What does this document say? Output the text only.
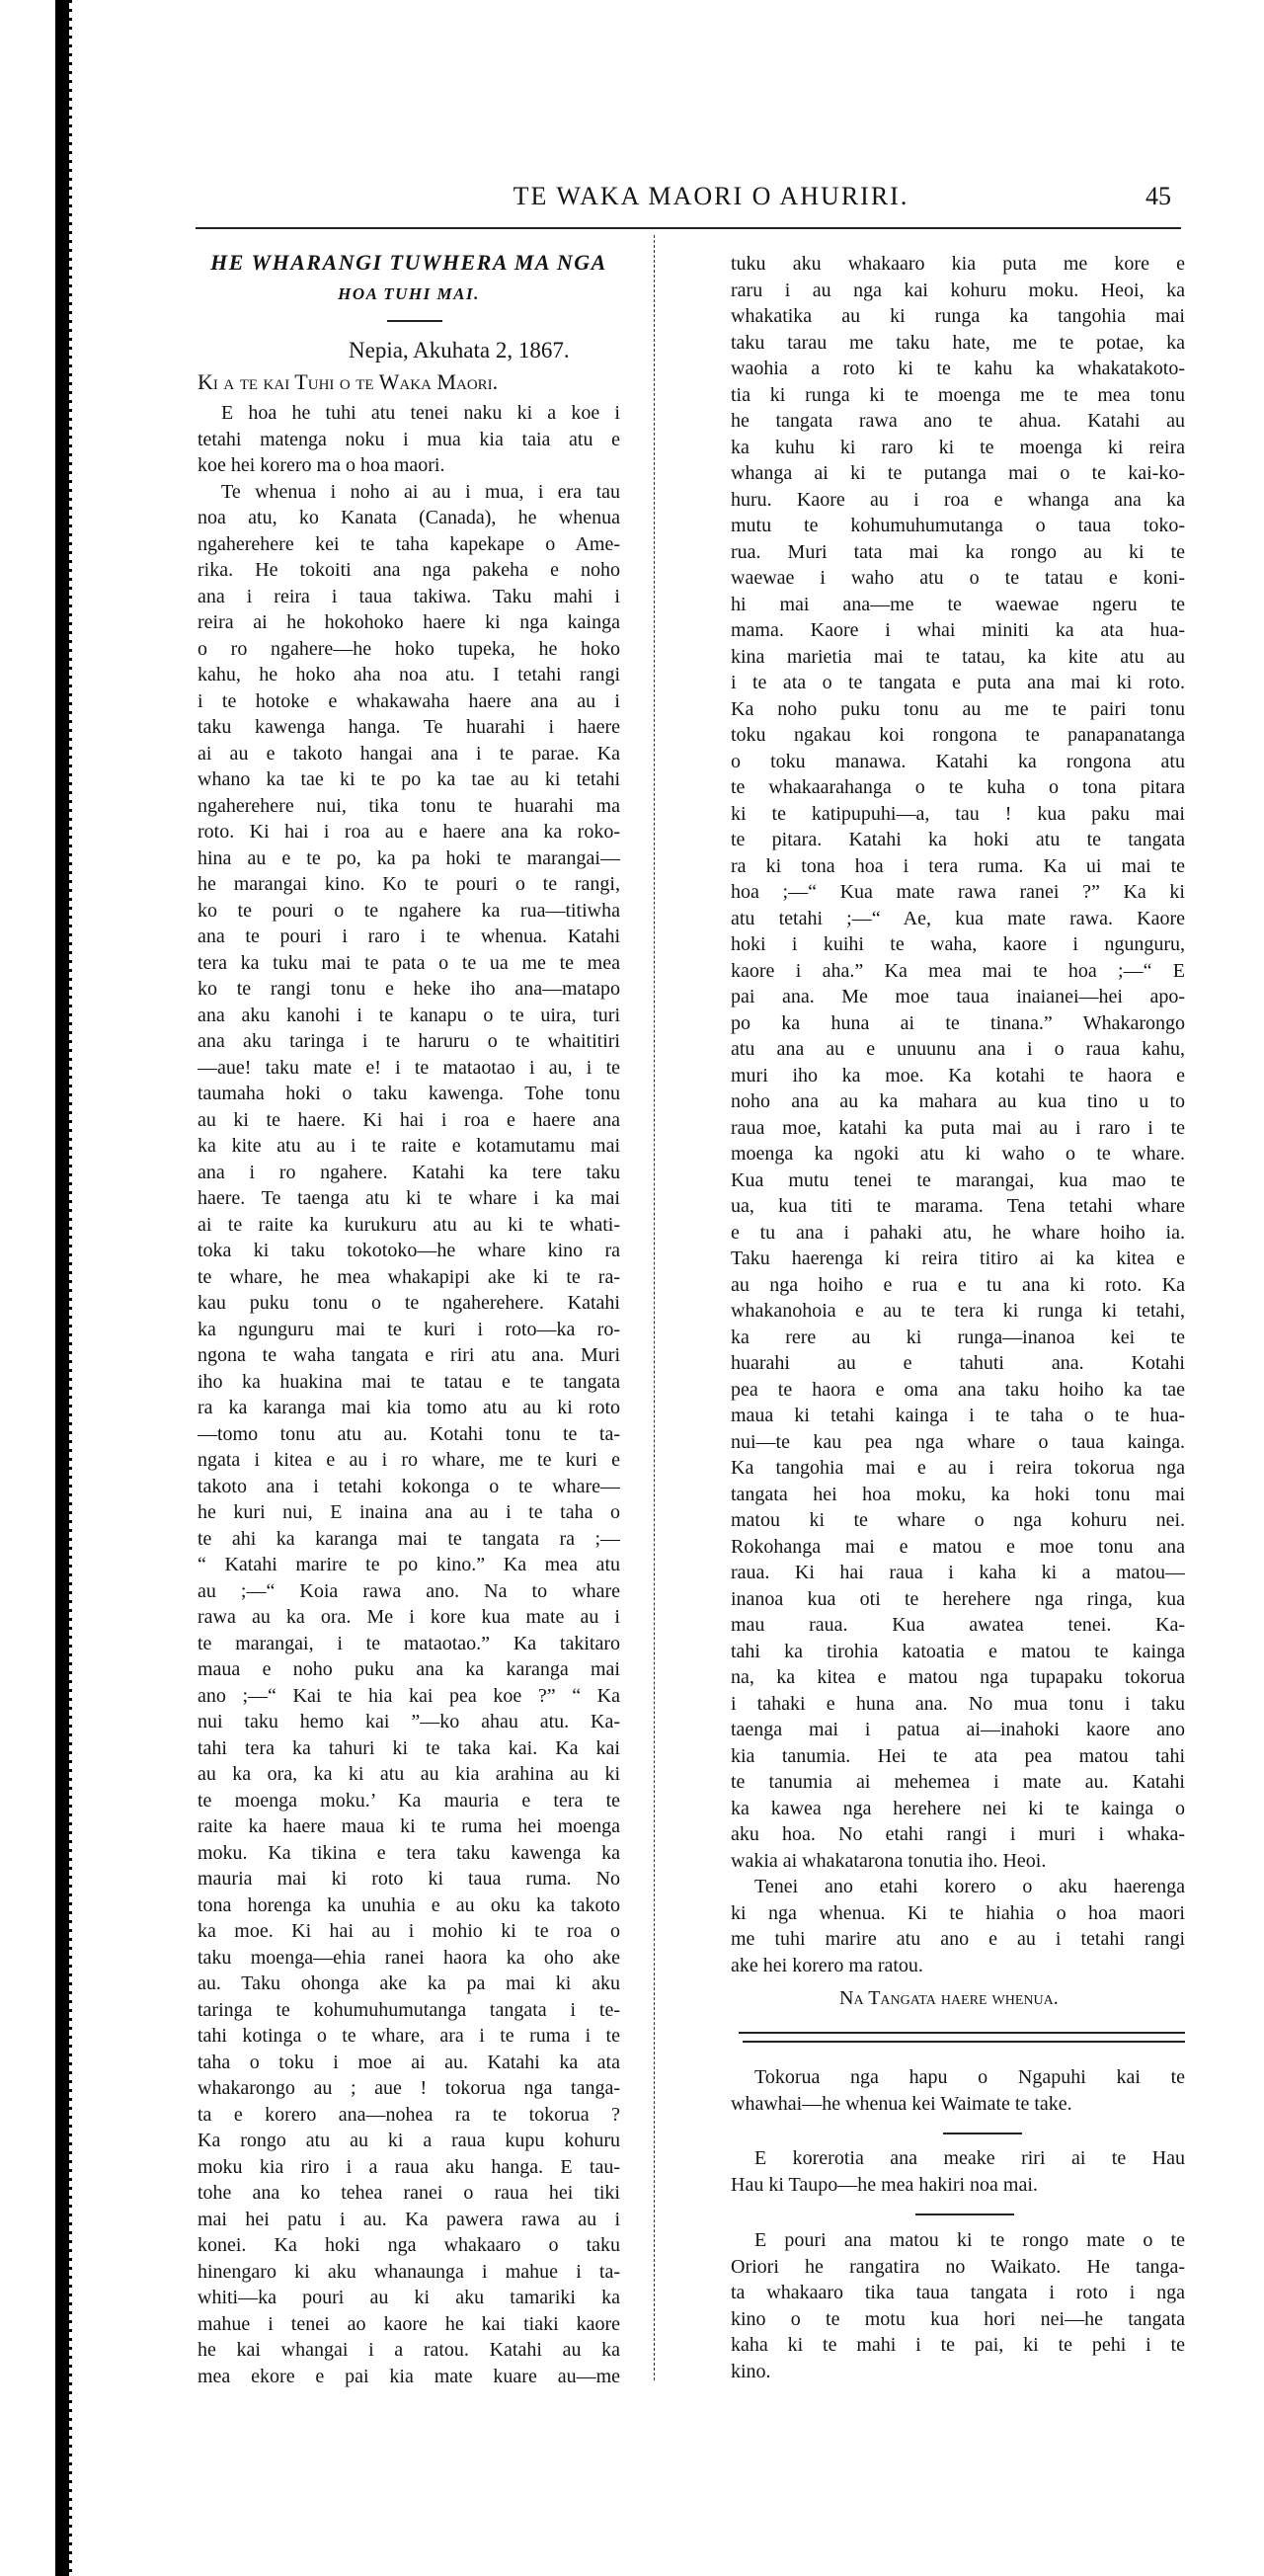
TE WAKA MAORI O AHURIRI.	45
HE WHARANGI TUWHERA MA NGA
HOA TUHI MAI.
Nepia, Akuhata 2, 1867.
Ki a te kai Tuhi o te Waka Maori.
E hoa he tuhi atu tenei naku ki a koe i
tetahi matenga noku i mua kia taia atu e
koe hei korero ma o hoa maori.
Te whenua i noho ai au i mua, i era tau
noa atu, ko Kanata (Canada), he whenua
ngaherehere kei te taha kapekape o Ame-
rika. He tokoiti ana nga pakeha e noho
ana i reira i taua takiwa. Taku mahi i
reira ai he hokohoko haere ki nga kainga
o ro ngahere—he hoko tupeka, he hoko
kahu, he hoko aha noa atu. I tetahi rangi
i te hotoke e whakawaha haere ana au i
taku kawenga hanga. Te huarahi i haere
ai au e takoto hangai ana i te parae. Ka
whano ka tae ki te po ka tae au ki tetahi
ngaherehere nui, tika tonu te huarahi ma
roto. Ki hai i roa au e haere ana ka roko-
hina au e te po, ka pa hoki te marangai—
he marangai kino. Ko te pouri o te rangi,
ko te pouri o te ngahere ka rua—titiwha
ana te pouri i raro i te whenua. Katahi
tera ka tuku mai te pata o te ua me te mea
ko te rangi tonu e heke iho ana—matapo
ana aku kanohi i te kanapu o te uira, turi
ana aku taringa i te haruru o te whaititiri
—aue! taku mate e! i te mataotao i au, i te
taumaha hoki o taku kawenga. Tohe tonu
au ki te haere. Ki hai i roa e haere ana
ka kite atu au i te raite e kotamutamu mai
ana i ro ngahere. Katahi ka tere taku
haere. Te taenga atu ki te whare i ka mai
ai te raite ka kurukuru atu au ki te whati-
toka ki taku tokotoko—he whare kino ra
te whare, he mea whakapipi ake ki te ra-
kau puku tonu o te ngaherehere. Katahi
ka ngunguru mai te kuri i roto—ka ro-
ngona te waha tangata e riri atu ana. Muri
iho ka huakina mai te tatau e te tangata
ra ka karanga mai kia tomo atu au ki roto
—tomo tonu atu au. Kotahi tonu te ta-
ngata i kitea e au i ro whare, me te kuri e
takoto ana i tetahi kokonga o te whare—
he kuri nui, E inaina ana au i te taha o
te ahi ka karanga mai te tangata ra ;—
“ Katahi marire te po kino.” Ka mea atu
au ;—“ Koia rawa ano. Na to whare
rawa au ka ora. Me i kore kua mate au i
te marangai, i te mataotao.” Ka takitaro
maua e noho puku ana ka karanga mai
ano ;—“ Kai te hia kai pea koe ?” “ Ka
nui taku hemo kai ”—ko ahau atu. Ka-
tahi tera ka tahuri ki te taka kai. Ka kai
au ka ora, ka ki atu au kia arahina au ki
te moenga moku.’ Ka mauria e tera te
raite ka haere maua ki te ruma hei moenga
moku. Ka tikina e tera taku kawenga ka
mauria mai ki roto ki taua ruma. No
tona horenga ka unuhia e au oku ka takoto
ka moe. Ki hai au i mohio ki te roa o
taku moenga—ehia ranei haora ka oho ake
au. Taku ohonga ake ka pa mai ki aku
taringa te kohumuhumutanga tangata i te-
tahi kotinga o te whare, ara i te ruma i te
taha o toku i moe ai au. Katahi ka ata
whakarongo au ; aue ! tokorua nga tanga-
ta e korero ana—nohea ra te tokorua ?
Ka rongo atu au ki a raua kupu kohuru
moku kia riro i a raua aku hanga. E tau-
tohe ana ko tehea ranei o raua hei tiki
mai hei patu i au. Ka pawera rawa au i
konei. Ka hoki nga whakaaro o taku
hinengaro ki aku whanaunga i mahue i ta-
whiti—ka pouri au ki aku tamariki ka
mahue i tenei ao kaore he kai tiaki kaore
he kai whangai i a ratou. Katahi au ka
mea ekore e pai kia mate kuare au—me
tuku aku whakaaro kia puta me kore e
raru i au nga kai kohuru moku. Heoi, ka
whakatika au ki runga ka tangohia mai
taku tarau me taku hate, me te potae, ka
waohia a roto ki te kahu ka whakatakoto-
tia ki runga ki te moenga me te mea tonu
he tangata rawa ano te ahua. Katahi au
ka kuhu ki raro ki te moenga ki reira
whanga ai ki te putanga mai o te kai-ko-
huru. Kaore au i roa e whanga ana ka
mutu te kohumuhumutanga o taua toko-
rua. Muri tata mai ka rongo au ki te
waewae i waho atu o te tatau e koni-
hi mai ana—me te waewae ngeru te
mama. Kaore i whai miniti ka ata hua-
kina marietia mai te tatau, ka kite atu au
i te ata o te tangata e puta ana mai ki roto.
Ka noho puku tonu au me te pairi tonu
toku ngakau koi rongona te panapanatanga
o toku manawa. Katahi ka rongona atu
te whakaarahanga o te kuha o tona pitara
ki te katipupuhi—a, tau ! kua paku mai
te pitara. Katahi ka hoki atu te tangata
ra ki tona hoa i tera ruma. Ka ui mai te
hoa ;—“ Kua mate rawa ranei ?” Ka ki
atu tetahi ;—“ Ae, kua mate rawa. Kaore
hoki i kuihi te waha, kaore i ngunguru,
kaore i aha.” Ka mea mai te hoa ;—“ E
pai ana. Me moe taua inaianei—hei apo-
po ka huna ai te tinana.” Whakarongo
atu ana au e unuunu ana i o raua kahu,
muri iho ka moe. Ka kotahi te haora e
noho ana au ka mahara au kua tino u to
raua moe, katahi ka puta mai au i raro i te
moenga ka ngoki atu ki waho o te whare.
Kua mutu tenei te marangai, kua mao te
ua, kua titi te marama. Tena tetahi whare
e tu ana i pahaki atu, he whare hoiho ia.
Taku haerenga ki reira titiro ai ka kitea e
au nga hoiho e rua e tu ana ki roto. Ka
whakanohoia e au te tera ki runga ki tetahi,
ka rere au ki runga—inanoa kei te
huarahi au e tahuti ana. Kotahi
pea te haora e oma ana taku hoiho ka tae
maua ki tetahi kainga i te taha o te hua-
nui—te kau pea nga whare o taua kainga.
Ka tangohia mai e au i reira tokorua nga
tangata hei hoa moku, ka hoki tonu mai
matou ki te whare o nga kohuru nei.
Rokohanga mai e matou e moe tonu ana
raua. Ki hai raua i kaha ki a matou—
inanoa kua oti te herehere nga ringa, kua
mau raua. Kua awatea tenei. Ka-
tahi ka tirohia katoatia e matou te kainga
na, ka kitea e matou nga tupapaku tokorua
i tahaki e huna ana. No mua tonu i taku
taenga mai i patua ai—inahoki kaore ano
kia tanumia. Hei te ata pea matou tahi
te tanumia ai mehemea i mate au. Katahi
ka kawea nga herehere nei ki te kainga o
aku hoa. No etahi rangi i muri i whaka-
wakia ai whakatarona tonutia iho. Heoi.
Tenei ano etahi korero o aku haerenga
ki nga whenua. Ki te hiahia o hoa maori
me tuhi marire atu ano e au i tetahi rangi
ake hei korero ma ratou.
Na Tangata haere whenua.
Tokorua nga hapu o Ngapuhi kai te
whawhai—he whenua kei Waimate te take.
E korerotia ana meake riri ai te Hau
Hau ki Taupo—he mea hakiri noa mai.
E pouri ana matou ki te rongo mate o te
Oriori he rangatira no Waikato. He tanga-
ta whakaaro tika taua tangata i roto i nga
kino o te motu kua hori nei—he tangata
kaha ki te mahi i te pai, ki te pehi i te
kino.
